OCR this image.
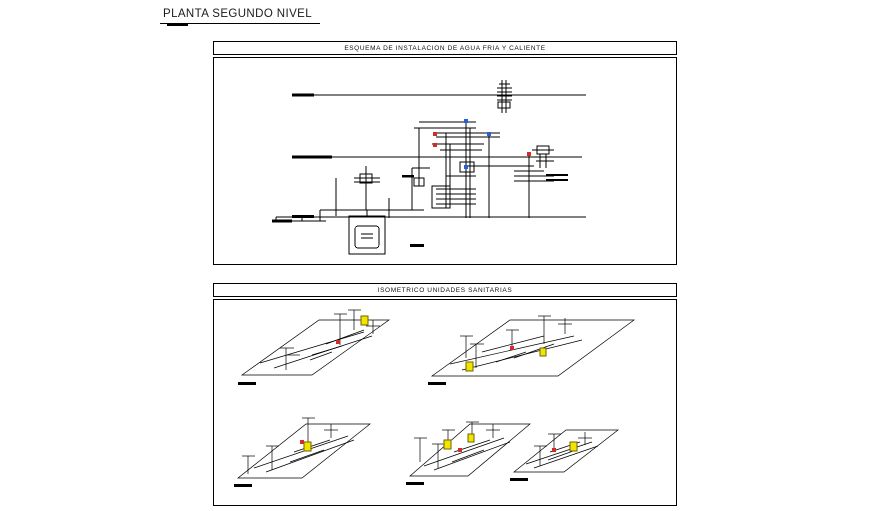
PLANTA SEGUNDO NIVEL
ESQUEMA DE INSTALACION DE AGUA FRIA Y CALIENTE
ISOMETRICO UNIDADES SANITARIAS
